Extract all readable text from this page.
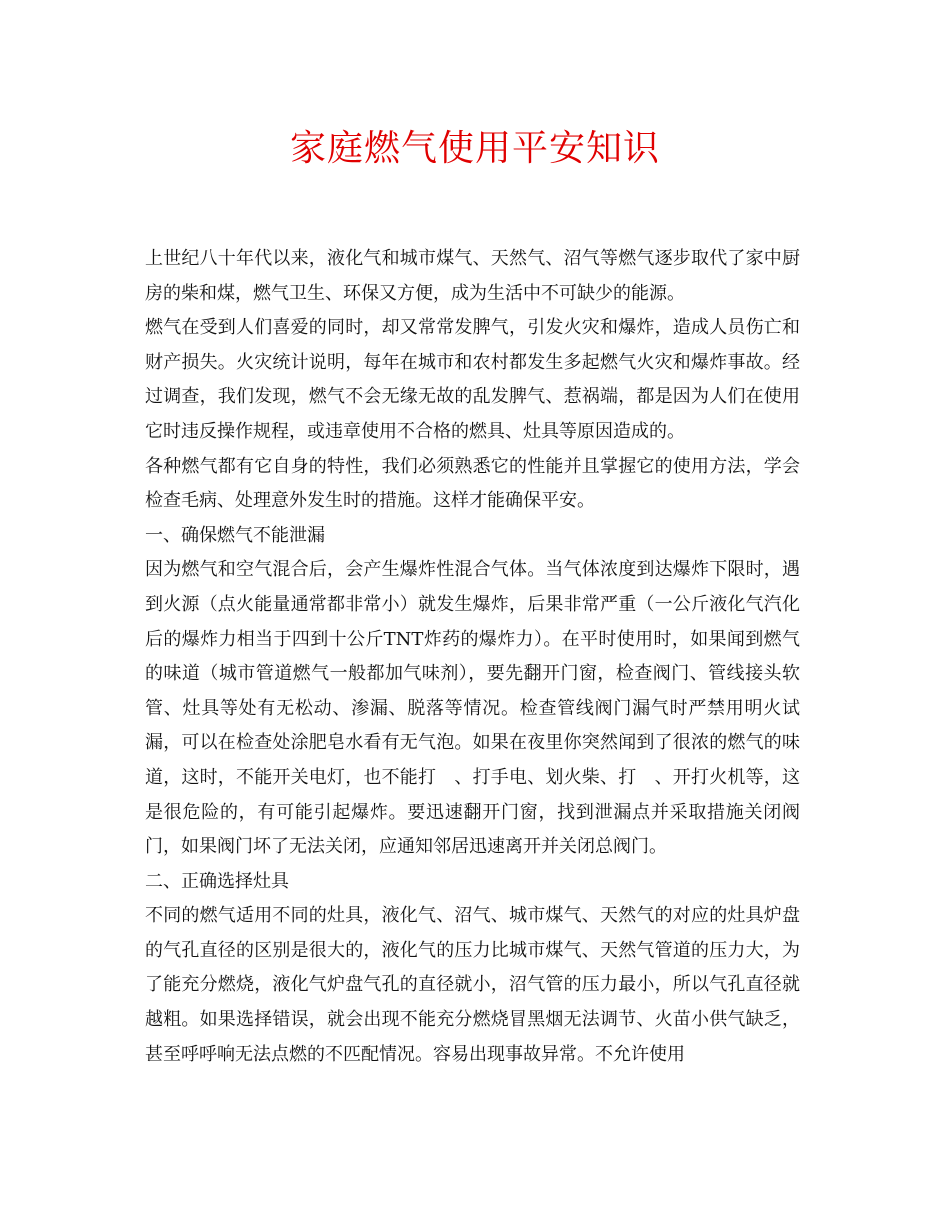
家庭燃气使用平安知识

上世纪八十年代以来，液化气和城市煤气、天然气、沼气等燃气逐步取代了家中厨房的柴和煤，燃气卫生、环保又方便，成为生活中不可缺少的能源。

燃气在受到人们喜爱的同时，却又常常发脾气，引发火灾和爆炸，造成人员伤亡和财产损失。火灾统计说明，每年在城市和农村都发生多起燃气火灾和爆炸事故。经过调查，我们发现，燃气不会无缘无故的乱发脾气、惹祸端，都是因为人们在使用它时违反操作规程，或违章使用不合格的燃具、灶具等原因造成的。

各种燃气都有它自身的特性，我们必须熟悉它的性能并且掌握它的使用方法，学会检查毛病、处理意外发生时的措施。这样才能确保平安。

一、确保燃气不能泄漏

因为燃气和空气混合后，会产生爆炸性混合气体。当气体浓度到达爆炸下限时，遇到火源（点火能量通常都非常小）就发生爆炸，后果非常严重（一公斤液化气汽化后的爆炸力相当于四到十公斤TNT炸药的爆炸力）。在平时使用时，如果闻到燃气的味道（城市管道燃气一般都加气味剂），要先翻开门窗，检查阀门、管线接头软管、灶具等处有无松动、渗漏、脱落等情况。检查管线阀门漏气时严禁用明火试漏，可以在检查处涂肥皂水看有无气泡。如果在夜里你突然闻到了很浓的燃气的味道，这时，不能开关电灯，也不能打　、打手电、划火柴、打　、开打火机等，这是很危险的，有可能引起爆炸。要迅速翻开门窗，找到泄漏点并采取措施关闭阀门，如果阀门坏了无法关闭，应通知邻居迅速离开并关闭总阀门。

二、正确选择灶具

不同的燃气适用不同的灶具，液化气、沼气、城市煤气、天然气的对应的灶具炉盘的气孔直径的区别是很大的，液化气的压力比城市煤气、天然气管道的压力大，为了能充分燃烧，液化气炉盘气孔的直径就小，沼气管的压力最小，所以气孔直径就越粗。如果选择错误，就会出现不能充分燃烧冒黑烟无法调节、火苗小供气缺乏，甚至呼呼响无法点燃的不匹配情况。容易出现事故异常。不允许使用
